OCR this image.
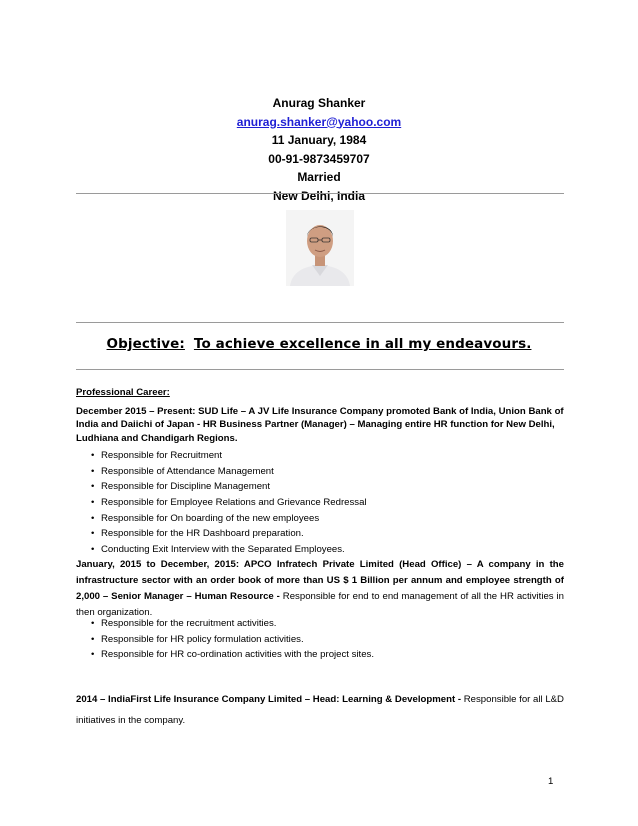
Anurag Shanker
anurag.shanker@yahoo.com
11 January, 1984
00-91-9873459707
Married
New Delhi, India
Objective: To achieve excellence in all my endeavours.
Professional Career:
December 2015 – Present: SUD Life – A JV Life Insurance Company promoted Bank of India, Union Bank of India and Daiichi of Japan - HR Business Partner (Manager) – Managing entire HR function for New Delhi, Ludhiana and Chandigarh Regions.
• Responsible for Recruitment
• Responsible of Attendance Management
• Responsible for Discipline Management
• Responsible for Employee Relations and Grievance Redressal
• Responsible for On boarding of the new employees
• Responsible for the HR Dashboard preparation.
• Conducting Exit Interview with the Separated Employees.
January, 2015 to December, 2015: APCO Infratech Private Limited (Head Office) – A company in the infrastructure sector with an order book of more than US $ 1 Billion per annum and employee strength of 2,000 – Senior Manager – Human Resource - Responsible for end to end management of all the HR activities in then organization.
• Responsible for the recruitment activities.
• Responsible for HR policy formulation activities.
• Responsible for HR co-ordination activities with the project sites.
2014 – IndiaFirst Life Insurance Company Limited – Head: Learning & Development - Responsible for all L&D initiatives in the company.
1
